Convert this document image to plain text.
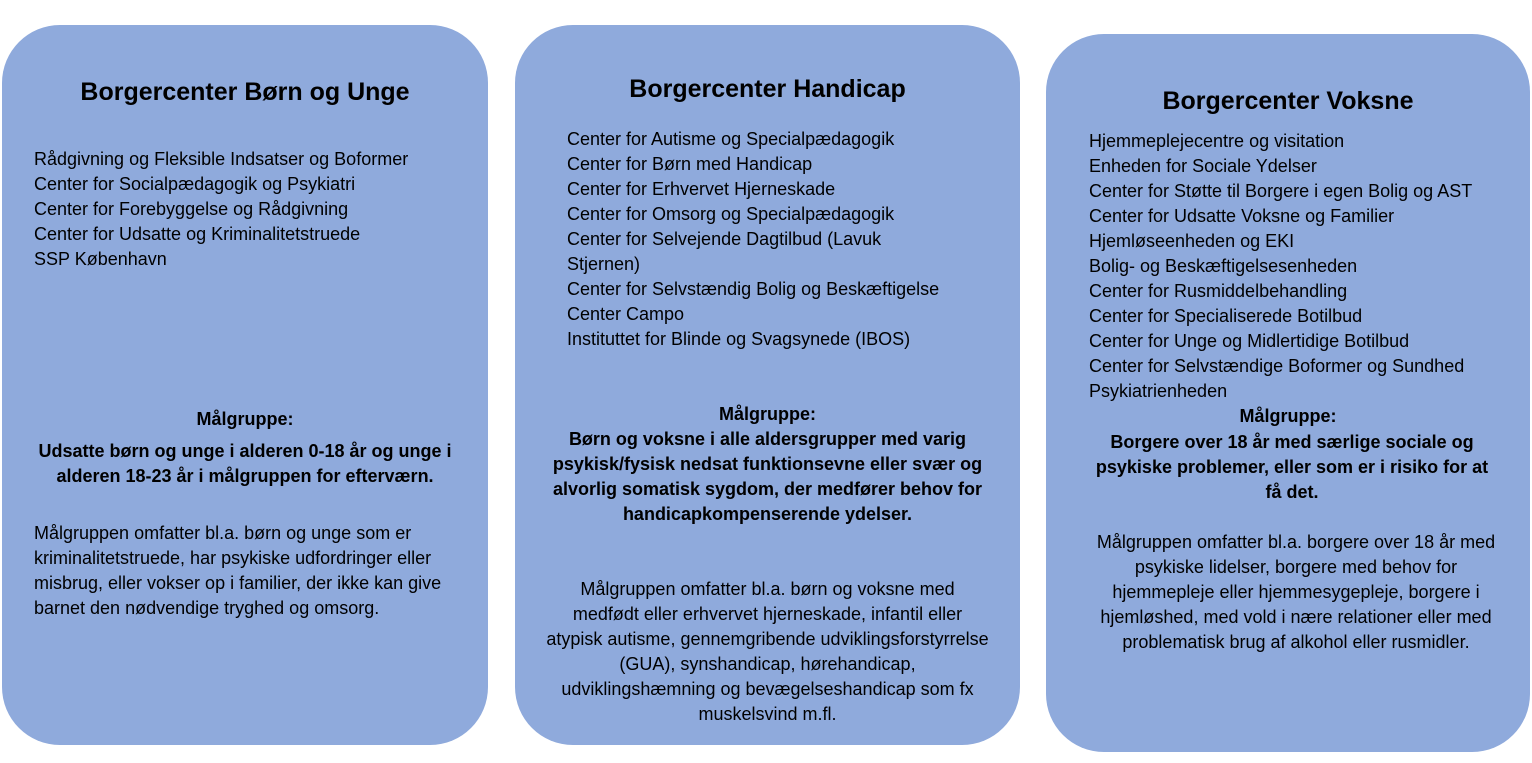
Borgercenter Børn og Unge
Rådgivning og Fleksible Indsatser og Boformer
Center for Socialpædagogik og Psykiatri
Center for Forebyggelse og Rådgivning
Center for Udsatte og Kriminalitetstruede
SSP København

Målgruppe:

Udsatte børn og unge i alderen 0-18 år og unge i alderen 18-23 år i målgruppen for efterværn.

Målgruppen omfatter bl.a. børn og unge som er kriminalitetstruede, har psykiske udfordringer eller misbrug, eller vokser op i familier, der ikke kan give barnet den nødvendige tryghed og omsorg.

Borgercenter Handicap
Center for Autisme og Specialpædagogik
Center for Børn med Handicap
Center for Erhvervet Hjerneskade
Center for Omsorg og Specialpædagogik
Center for Selvejende Dagtilbud (Lavuk Stjernen)
Center for Selvstændig Bolig og Beskæftigelse
Center Campo
Instituttet for Blinde og Svagsynede (IBOS)

Målgruppe:

Børn og voksne i alle aldersgrupper med varig psykisk/fysisk nedsat funktionsevne eller svær og alvorlig somatisk sygdom, der medfører behov for handicapkompenserende ydelser.

Målgruppen omfatter bl.a. børn og voksne med medfødt eller erhvervet hjerneskade, infantil eller atypisk autisme, gennemgribende udviklingsforstyrrelse (GUA), synshandicap, hørehandicap, udviklingshæmning og bevægelseshandicap som fx muskelsvind m.fl.

Borgercenter Voksne
Hjemmeplejecentre og visitation
Enheden for Sociale Ydelser
Center for Støtte til Borgere i egen Bolig og AST
Center for Udsatte Voksne og Familier
Hjemløseenheden og EKI
Bolig- og Beskæftigelsesenheden
Center for Rusmiddelbehandling
Center for Specialiserede Botilbud
Center for Unge og Midlertidige Botilbud
Center for Selvstændige Boformer og Sundhed
Psykiatrienheden

Målgruppe:

Borgere over 18 år med særlige sociale og psykiske problemer, eller som er i risiko for at få det.

Målgruppen omfatter bl.a. borgere over 18 år med psykiske lidelser, borgere med behov for hjemmepleje eller hjemmesygepleje, borgere i hjemløshed, med vold i nære relationer eller med problematisk brug af alkohol eller rusmidler.
